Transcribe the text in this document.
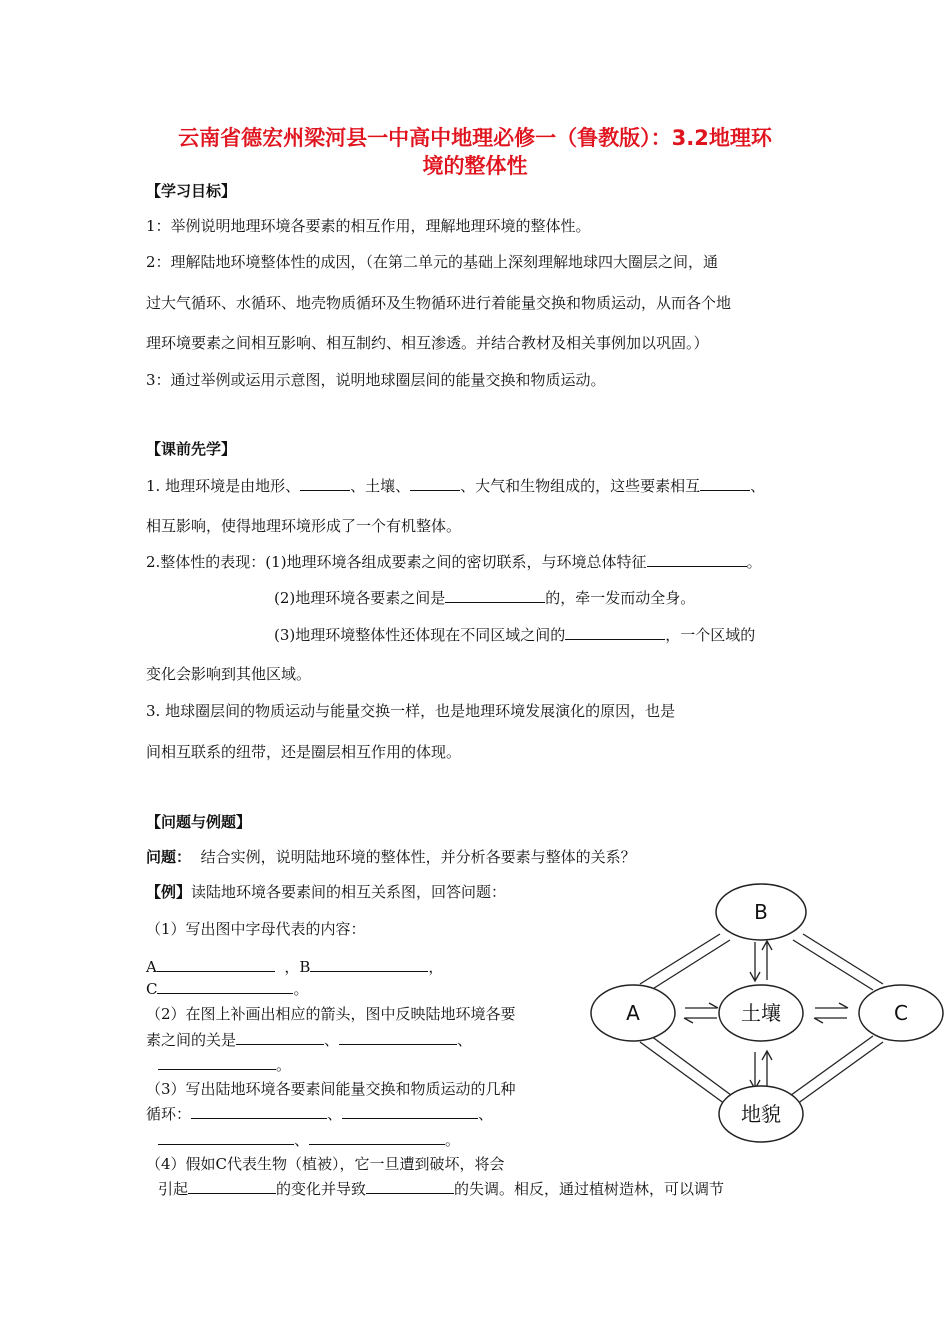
云南省德宏州梁河县一中高中地理必修一（鲁教版）：3.2地理环
境的整体性
【学习目标】
1：举例说明地理环境各要素的相互作用，理解地理环境的整体性。
2：理解陆地环境整体性的成因，（在第二单元的基础上深刻理解地球四大圈层之间，通
过大气循环、水循环、地壳物质循环及生物循环进行着能量交换和物质运动，从而各个地
理环境要素之间相互影响、相互制约、相互渗透。并结合教材及相关事例加以巩固。）
3：通过举例或运用示意图，说明地球圈层间的能量交换和物质运动。
【课前先学】
1. 地理环境是由地形、	、土壤、	、大气和生物组成的，这些要素相互	、
相互影响，使得地理环境形成了一个有机整体。
2.整体性的表现：(1)地理环境各组成要素之间的密切联系，与环境总体特征	。
(2)地理环境各要素之间是	的，牵一发而动全身。
(3)地理环境整体性还体现在不同区域之间的	，一个区域的
变化会影响到其他区域。
3. 地球圈层间的物质运动与能量交换一样，也是地理环境发展演化的原因，也是
间相互联系的纽带，还是圈层相互作用的体现。
【问题与例题】
问题： 结合实例，说明陆地环境的整体性，并分析各要素与整体的关系？
【例】读陆地环境各要素间的相互关系图，回答问题：
（1）写出图中字母代表的内容：
A	，B	，
C	。
（2）在图上补画出相应的箭头，图中反映陆地环境各要
素之间的关是	、	、
。
（3）写出陆地环境各要素间能量交换和物质运动的几种
循环：	、	、
、	。
（4）假如C代表生物（植被），它一旦遭到破坏，将会
引起	的变化并导致	的失调。相反，通过植树造林，可以调节
B
A	土壤	C
地貌
